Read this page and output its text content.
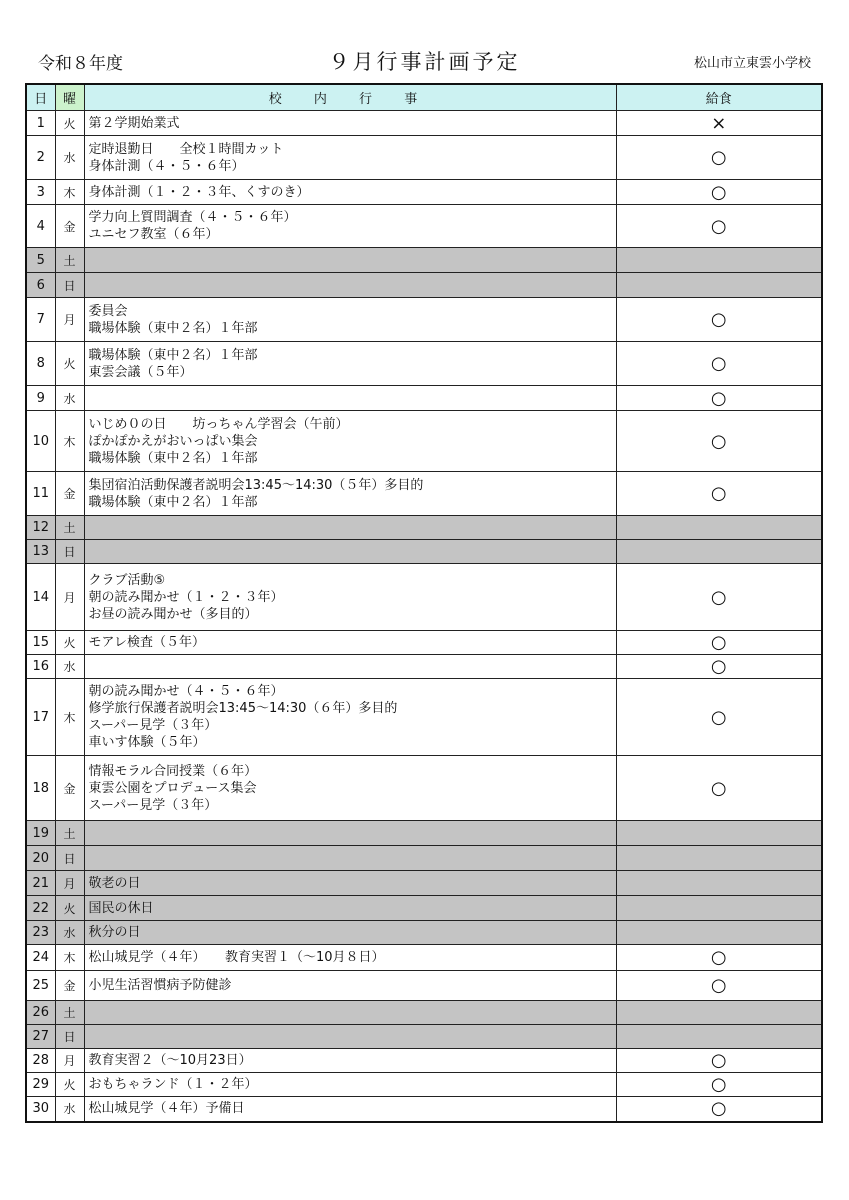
令和８年度	９月行事計画予定	松山市立東雲小学校
日	曜	校 内 行 事	給食
1	火	第２学期始業式	×
2	水	定時退勤日　　全校１時間カット
身体計測（４・５・６年）	○
3	木	身体計測（１・２・３年、くすのき）	○
4	金	学力向上質問調査（４・５・６年）
ユニセフ教室（６年）	○
5	土		
6	日		
7	月	委員会
職場体験（東中２名）１年部	○
8	火	職場体験（東中２名）１年部
東雲会議（５年）	○
9	水		○
10	木	いじめ０の日　　坊っちゃん学習会（午前）
ぽかぽかえがおいっぱい集会
職場体験（東中２名）１年部	○
11	金	集団宿泊活動保護者説明会13:45～14:30（５年）多目的
職場体験（東中２名）１年部	○
12	土		
13	日		
14	月	クラブ活動⑤
朝の読み聞かせ（１・２・３年）
お昼の読み聞かせ（多目的）	○
15	火	モアレ検査（５年）	○
16	水		○
17	木	朝の読み聞かせ（４・５・６年）
修学旅行保護者説明会13:45～14:30（６年）多目的
スーパー見学（３年）
車いす体験（５年）	○
18	金	情報モラル合同授業（６年）
東雲公園をプロデュース集会
スーパー見学（３年）	○
19	土		
20	日		
21	月	敬老の日	

22	火	国民の休日	

23	水	秋分の日	

24	木	松山城見学（４年）　　教育実習１（～10月８日）	○
25	金	小児生活習慣病予防健診	○
26	土		
27	日		
28	月	教育実習２（～10月23日）	○
29	火	おもちゃランド（１・２年）	○
30	水	松山城見学（４年）予備日	○
